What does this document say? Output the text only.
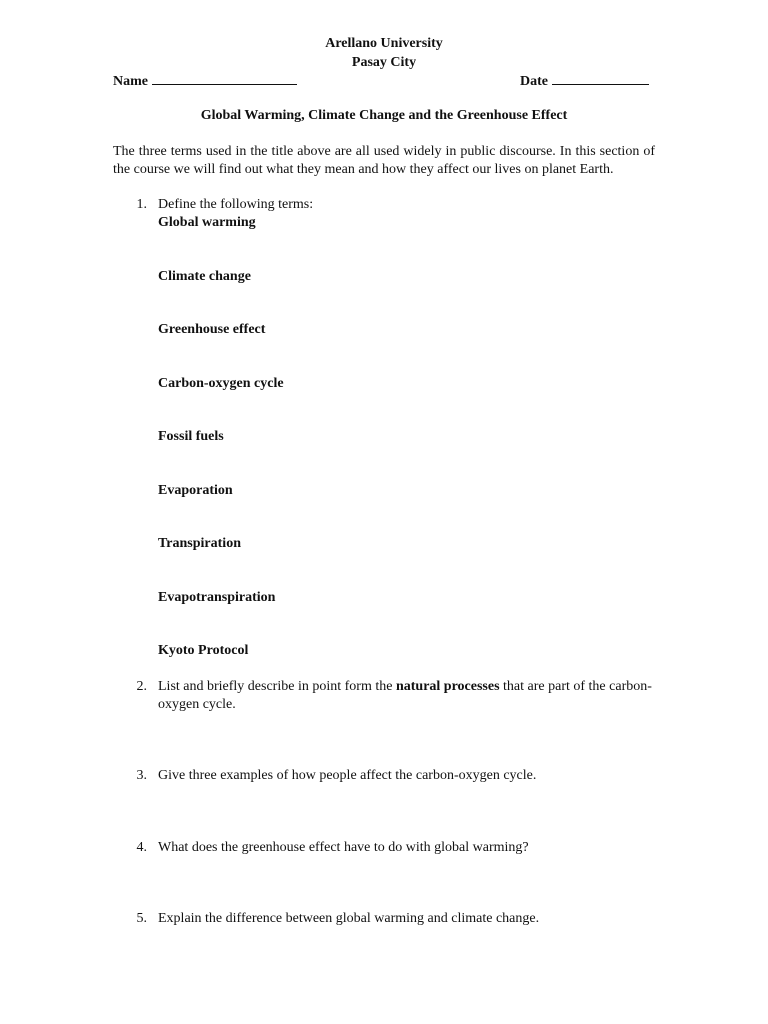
Arellano University
Pasay City
Name	Date
Global Warming, Climate Change and the Greenhouse Effect
The three terms used in the title above are all used widely in public discourse. In this section of the course we will find out what they mean and how they affect our lives on planet Earth.
1. Define the following terms:
Global warming
Climate change
Greenhouse effect
Carbon-oxygen cycle
Fossil fuels
Evaporation
Transpiration
Evapotranspiration
Kyoto Protocol
2. List and briefly describe in point form the natural processes that are part of the carbon-oxygen cycle.
3. Give three examples of how people affect the carbon-oxygen cycle.
4. What does the greenhouse effect have to do with global warming?
5. Explain the difference between global warming and climate change.
